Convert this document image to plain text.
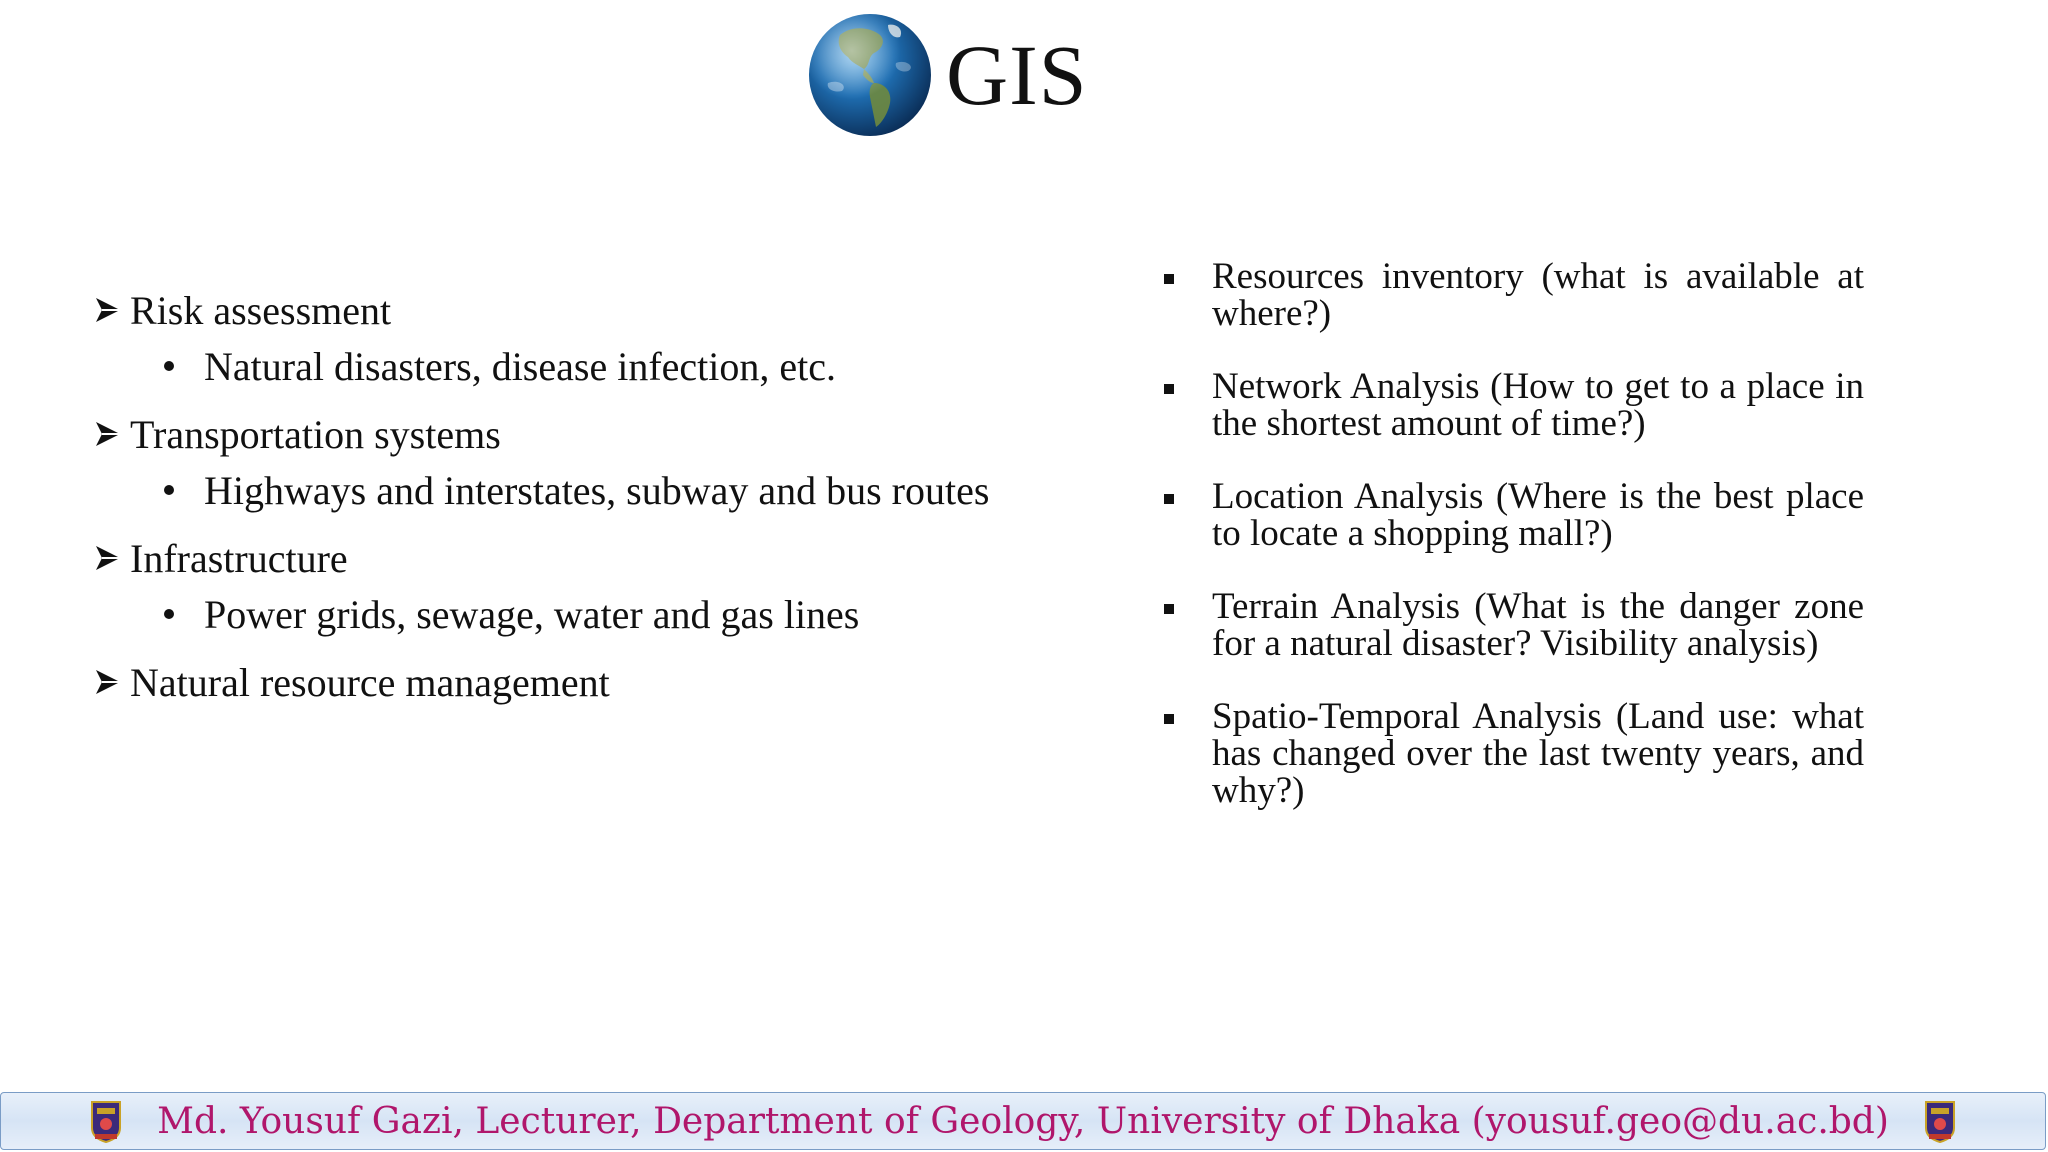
GIS
Risk assessment
Natural disasters, disease infection, etc.
Transportation systems
Highways and interstates, subway and bus routes
Infrastructure
Power grids, sewage, water and gas lines
Natural resource management
Resources inventory (what is available at where?)
Network Analysis (How to get to a place in the shortest amount of time?)
Location Analysis (Where is the best place to locate a shopping mall?)
Terrain Analysis (What is the danger zone for a natural disaster? Visibility analysis)
Spatio-Temporal Analysis (Land use: what has changed over the last twenty years, and why?)
Md. Yousuf Gazi, Lecturer, Department of Geology, University of Dhaka (yousuf.geo@du.ac.bd)
